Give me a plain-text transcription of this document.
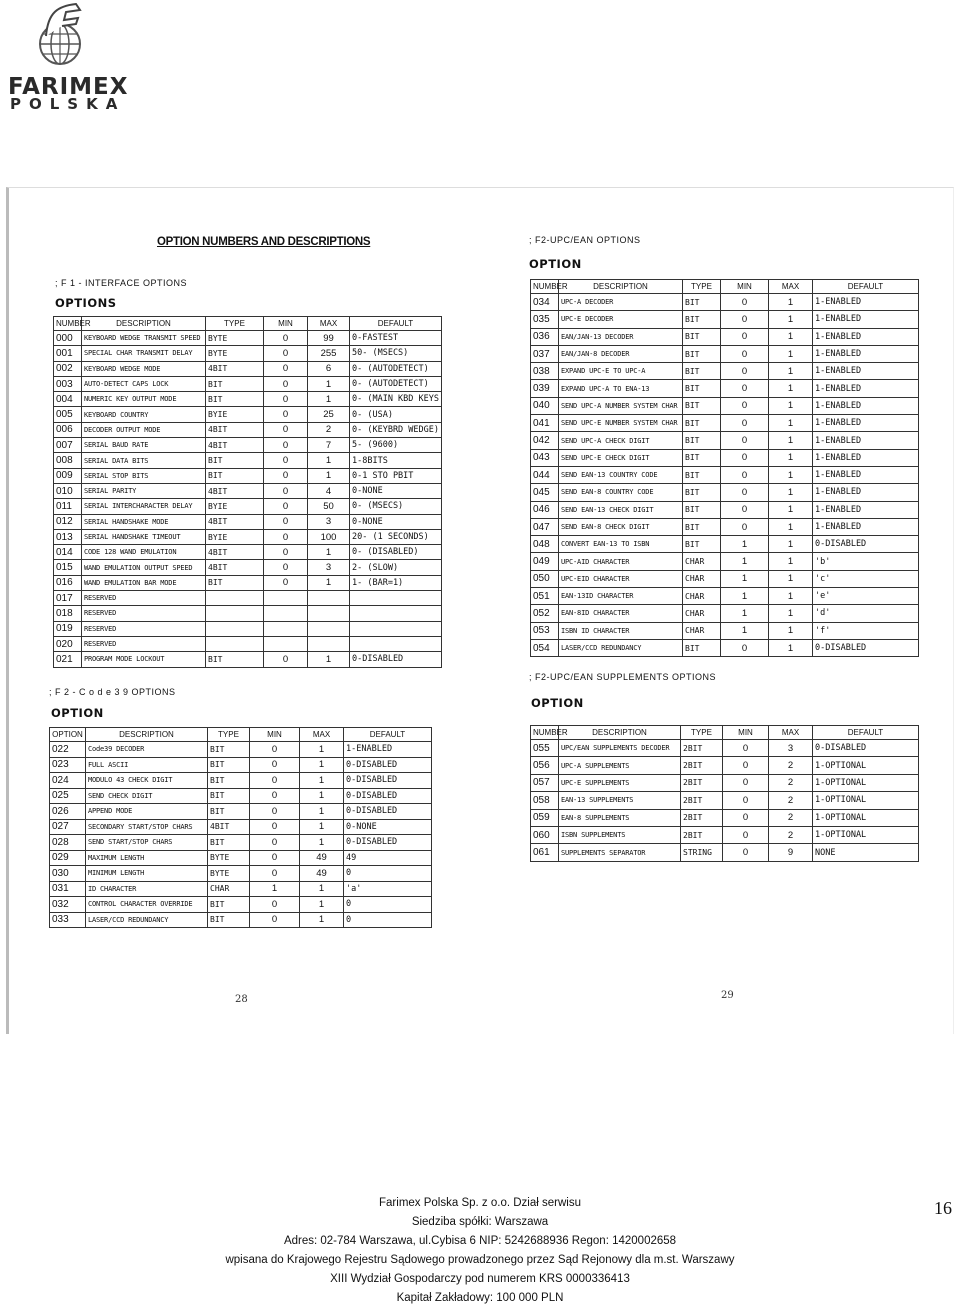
FARIMEX
POLSKA
OPTION NUMBERS AND DESCRIPTIONS
; F 1 - INTERFACE OPTIONS
OPTIONS
NUMBER	DESCRIPTION	TYPE	MIN	MAX	DEFAULT
000	KEYBOARD WEDGE TRANSMIT SPEED	BYTE	0	99	0-FASTEST
001	SPECIAL CHAR TRANSMIT DELAY	BYTE	0	255	50- (MSECS)
002	KEYBOARD WEDGE MODE	4BIT	0	6	0- (AUTODETECT)
003	AUTO-DETECT CAPS LOCK	BIT	0	1	0- (AUTODETECT)
004	NUMERIC KEY OUTPUT MODE	BIT	0	1	0- (MAIN KBD KEYS
005	KEYBOARD COUNTRY	BYIE	0	25	0- (USA)
006	DECODER OUTPUT MODE	4BIT	0	2	0- (KEYBRD WEDGE)
007	SERIAL BAUD RATE	4BIT	0	7	5- (9600)
008	SERIAL DATA BITS	BIT	0	1	1-8BITS
009	SERIAL STOP BITS	BIT	0	1	0-1 STO PBIT
010	SERIAL PARITY	4BIT	0	4	0-NONE
011	SERIAL INTERCHARACTER DELAY	BYIE	0	50	0- (MSECS)
012	SERIAL HANDSHAKE MODE	4BIT	0	3	0-NONE
013	SERIAL HANDSHAKE TIMEOUT	BYIE	0	100	20- (1 SECONDS)
014	CODE 128 WAND EMULATION	4BIT	0	1	0- (DISABLED)
015	WAND EMULATION OUTPUT SPEED	4BIT	0	3	2- (SLOW)
016	WAND EMULATION BAR MODE	BIT	0	1	1- (BAR=1)
017	RESERVED				
018	RESERVED				
019	RESERVED				
020	RESERVED				
021	PROGRAM MODE LOCKOUT	BIT	0	1	0-DISABLED
; F 2 - C o d e 3 9 OPTIONS
OPTION
OPTION	DESCRIPTION	TYPE	MIN	MAX	DEFAULT
022	Code39 DECODER	BIT	0	1	1-ENABLED
023	FULL ASCII	BIT	0	1	0-DISABLED
024	MODULO 43 CHECK DIGIT	BIT	0	1	0-DISABLED
025	SEND CHECK DIGIT	BIT	0	1	0-DISABLED
026	APPEND MODE	BIT	0	1	0-DISABLED
027	SECONDARY START/STOP CHARS	4BIT	0	1	0-NONE
028	SEND START/STOP CHARS	BIT	0	1	0-DISABLED
029	MAXIMUM LENGTH	BYTE	0	49	49
030	MINIMUM LENGTH	BYTE	0	49	0
031	ID CHARACTER	CHAR	1	1	'a'
032	CONTROL CHARACTER OVERRIDE	BIT	0	1	0
033	LASER/CCD REDUNDANCY	BIT	0	1	0
28
; F2-UPC/EAN OPTIONS
OPTION
NUMBER	DESCRIPTION	TYPE	MIN	MAX	DEFAULT
034	UPC-A DECODER	BIT	0	1	1-ENABLED
035	UPC-E DECODER	BIT	0	1	1-ENABLED
036	EAN/JAN-13 DECODER	BIT	0	1	1-ENABLED
037	EAN/JAN-8 DECODER	BIT	0	1	1-ENABLED
038	EXPAND UPC-E TO UPC-A	BIT	0	1	1-ENABLED
039	EXPAND UPC-A TO ENA-13	BIT	0	1	1-ENABLED
040	SEND UPC-A NUMBER SYSTEM CHAR	BIT	0	1	1-ENABLED
041	SEND UPC-E NUMBER SYSTEM CHAR	BIT	0	1	1-ENABLED
042	SEND UPC-A CHECK DIGIT	BIT	0	1	1-ENABLED
043	SEND UPC-E CHECK DIGIT	BIT	0	1	1-ENABLED
044	SEND EAN-13 COUNTRY CODE	BIT	0	1	1-ENABLED
045	SEND EAN-8 COUNTRY CODE	BIT	0	1	1-ENABLED
046	SEND EAN-13 CHECK DIGIT	BIT	0	1	1-ENABLED
047	SEND EAN-8 CHECK DIGIT	BIT	0	1	1-ENABLED
048	CONVERT EAN-13 TO ISBN	BIT	1	1	0-DISABLED
049	UPC-AID CHARACTER	CHAR	1	1	'b'
050	UPC-EID CHARACTER	CHAR	1	1	'c'
051	EAN-13ID CHARACTER	CHAR	1	1	'e'
052	EAN-8ID CHARACTER	CHAR	1	1	'd'
053	ISBN ID CHARACTER	CHAR	1	1	'f'
054	LASER/CCD REDUNDANCY	BIT	0	1	0-DISABLED
; F2-UPC/EAN SUPPLEMENTS OPTIONS
OPTION
NUMBER	DESCRIPTION	TYPE	MIN	MAX	DEFAULT
055	UPC/EAN SUPPLEMENTS DECODER	2BIT	0	3	0-DISABLED
056	UPC-A SUPPLEMENTS	2BIT	0	2	1-OPTIONAL
057	UPC-E SUPPLEMENTS	2BIT	0	2	1-OPTIONAL
058	EAN-13 SUPPLEMENTS	2BIT	0	2	1-OPTIONAL
059	EAN-8 SUPPLEMENTS	2BIT	0	2	1-OPTIONAL
060	ISBN SUPPLEMENTS	2BIT	0	2	1-OPTIONAL
061	SUPPLEMENTS SEPARATOR	STRING	0	9	NONE
29
Farimex Polska Sp. z o.o. Dział serwisu
Siedziba spółki: Warszawa
Adres: 02-784 Warszawa, ul.Cybisa 6 NIP: 5242688936 Regon: 1420002658
wpisana do Krajowego Rejestru Sądowego prowadzonego przez Sąd Rejonowy dla m.st. Warszawy
XIII Wydział Gospodarczy pod numerem KRS 0000336413
Kapitał Zakładowy: 100 000 PLN
16
